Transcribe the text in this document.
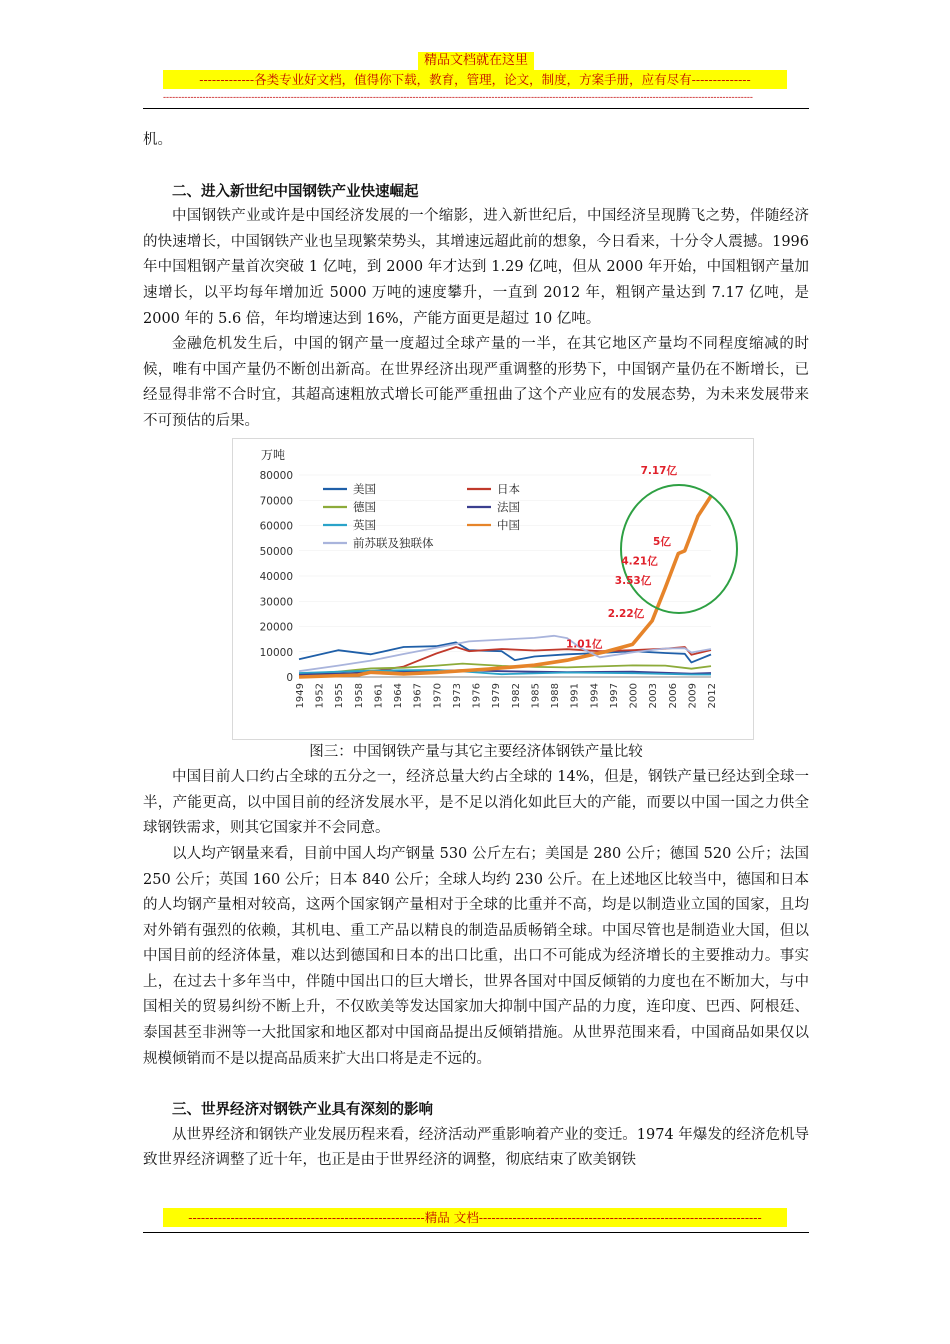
精品文档就在这里
-------------各类专业好文档，值得你下载，教育，管理，论文，制度，方案手册，应有尽有--------------
--------------------------------------------------------------------------------------------------------------------------------------------------------------------------------------------------

机。

二、进入新世纪中国钢铁产业快速崛起

中国钢铁产业或许是中国经济发展的一个缩影，进入新世纪后，中国经济呈现腾飞之势，伴随经济的快速增长，中国钢铁产业也呈现繁荣势头，其增速远超此前的想象，今日看来，十分令人震撼。1996 年中国粗钢产量首次突破 1 亿吨，到 2000 年才达到 1.29 亿吨，但从 2000 年开始，中国粗钢产量加速增长，以平均每年增加近 5000 万吨的速度攀升，一直到 2012 年，粗钢产量达到 7.17 亿吨，是 2000 年的 5.6 倍，年均增速达到 16%，产能方面更是超过 10 亿吨。

金融危机发生后，中国的钢产量一度超过全球产量的一半，在其它地区产量均不同程度缩减的时候，唯有中国产量仍不断创出新高。在世界经济出现严重调整的形势下，中国钢产量仍在不断增长，已经显得非常不合时宜，其超高速粗放式增长可能严重扭曲了这个产业应有的发展态势，为未来发展带来不可预估的后果。

万吨
80000
70000
60000
50000
40000
30000
20000
10000
0
1949 1952 1955 1958 1961 1964 1967 1970 1973 1976 1979 1982 1985 1988 1991 1994 1997 2000 2003 2006 2009 2012
美国	日本
德国	法国
英国	中国
前苏联及独联体
1.01亿
2.22亿
3.53亿
4.21亿
5亿
7.17亿

图三：中国钢铁产量与其它主要经济体钢铁产量比较

中国目前人口约占全球的五分之一，经济总量大约占全球的 14%，但是，钢铁产量已经达到全球一半，产能更高，以中国目前的经济发展水平，是不足以消化如此巨大的产能，而要以中国一国之力供全球钢铁需求，则其它国家并不会同意。

以人均产钢量来看，目前中国人均产钢量 530 公斤左右；美国是 280 公斤；德国 520 公斤；法国 250 公斤；英国 160 公斤；日本 840 公斤；全球人均约 230 公斤。在上述地区比较当中，德国和日本的人均钢产量相对较高，这两个国家钢产量相对于全球的比重并不高，均是以制造业立国的国家，且均对外销有强烈的依赖，其机电、重工产品以精良的制造品质畅销全球。中国尽管也是制造业大国，但以中国目前的经济体量，难以达到德国和日本的出口比重，出口不可能成为经济增长的主要推动力。事实上，在过去十多年当中，伴随中国出口的巨大增长，世界各国对中国反倾销的力度也在不断加大，与中国相关的贸易纠纷不断上升，不仅欧美等发达国家加大抑制中国产品的力度，连印度、巴西、阿根廷、泰国甚至非洲等一大批国家和地区都对中国商品提出反倾销措施。从世界范围来看，中国商品如果仅以规模倾销而不是以提高品质来扩大出口将是走不远的。

三、世界经济对钢铁产业具有深刻的影响

从世界经济和钢铁产业发展历程来看，经济活动严重影响着产业的变迁。1974 年爆发的经济危机导致世界经济调整了近十年，也正是由于世界经济的调整，彻底结束了欧美钢铁

--------------------------------------------------------精品 文档-------------------------------------------------------------------
